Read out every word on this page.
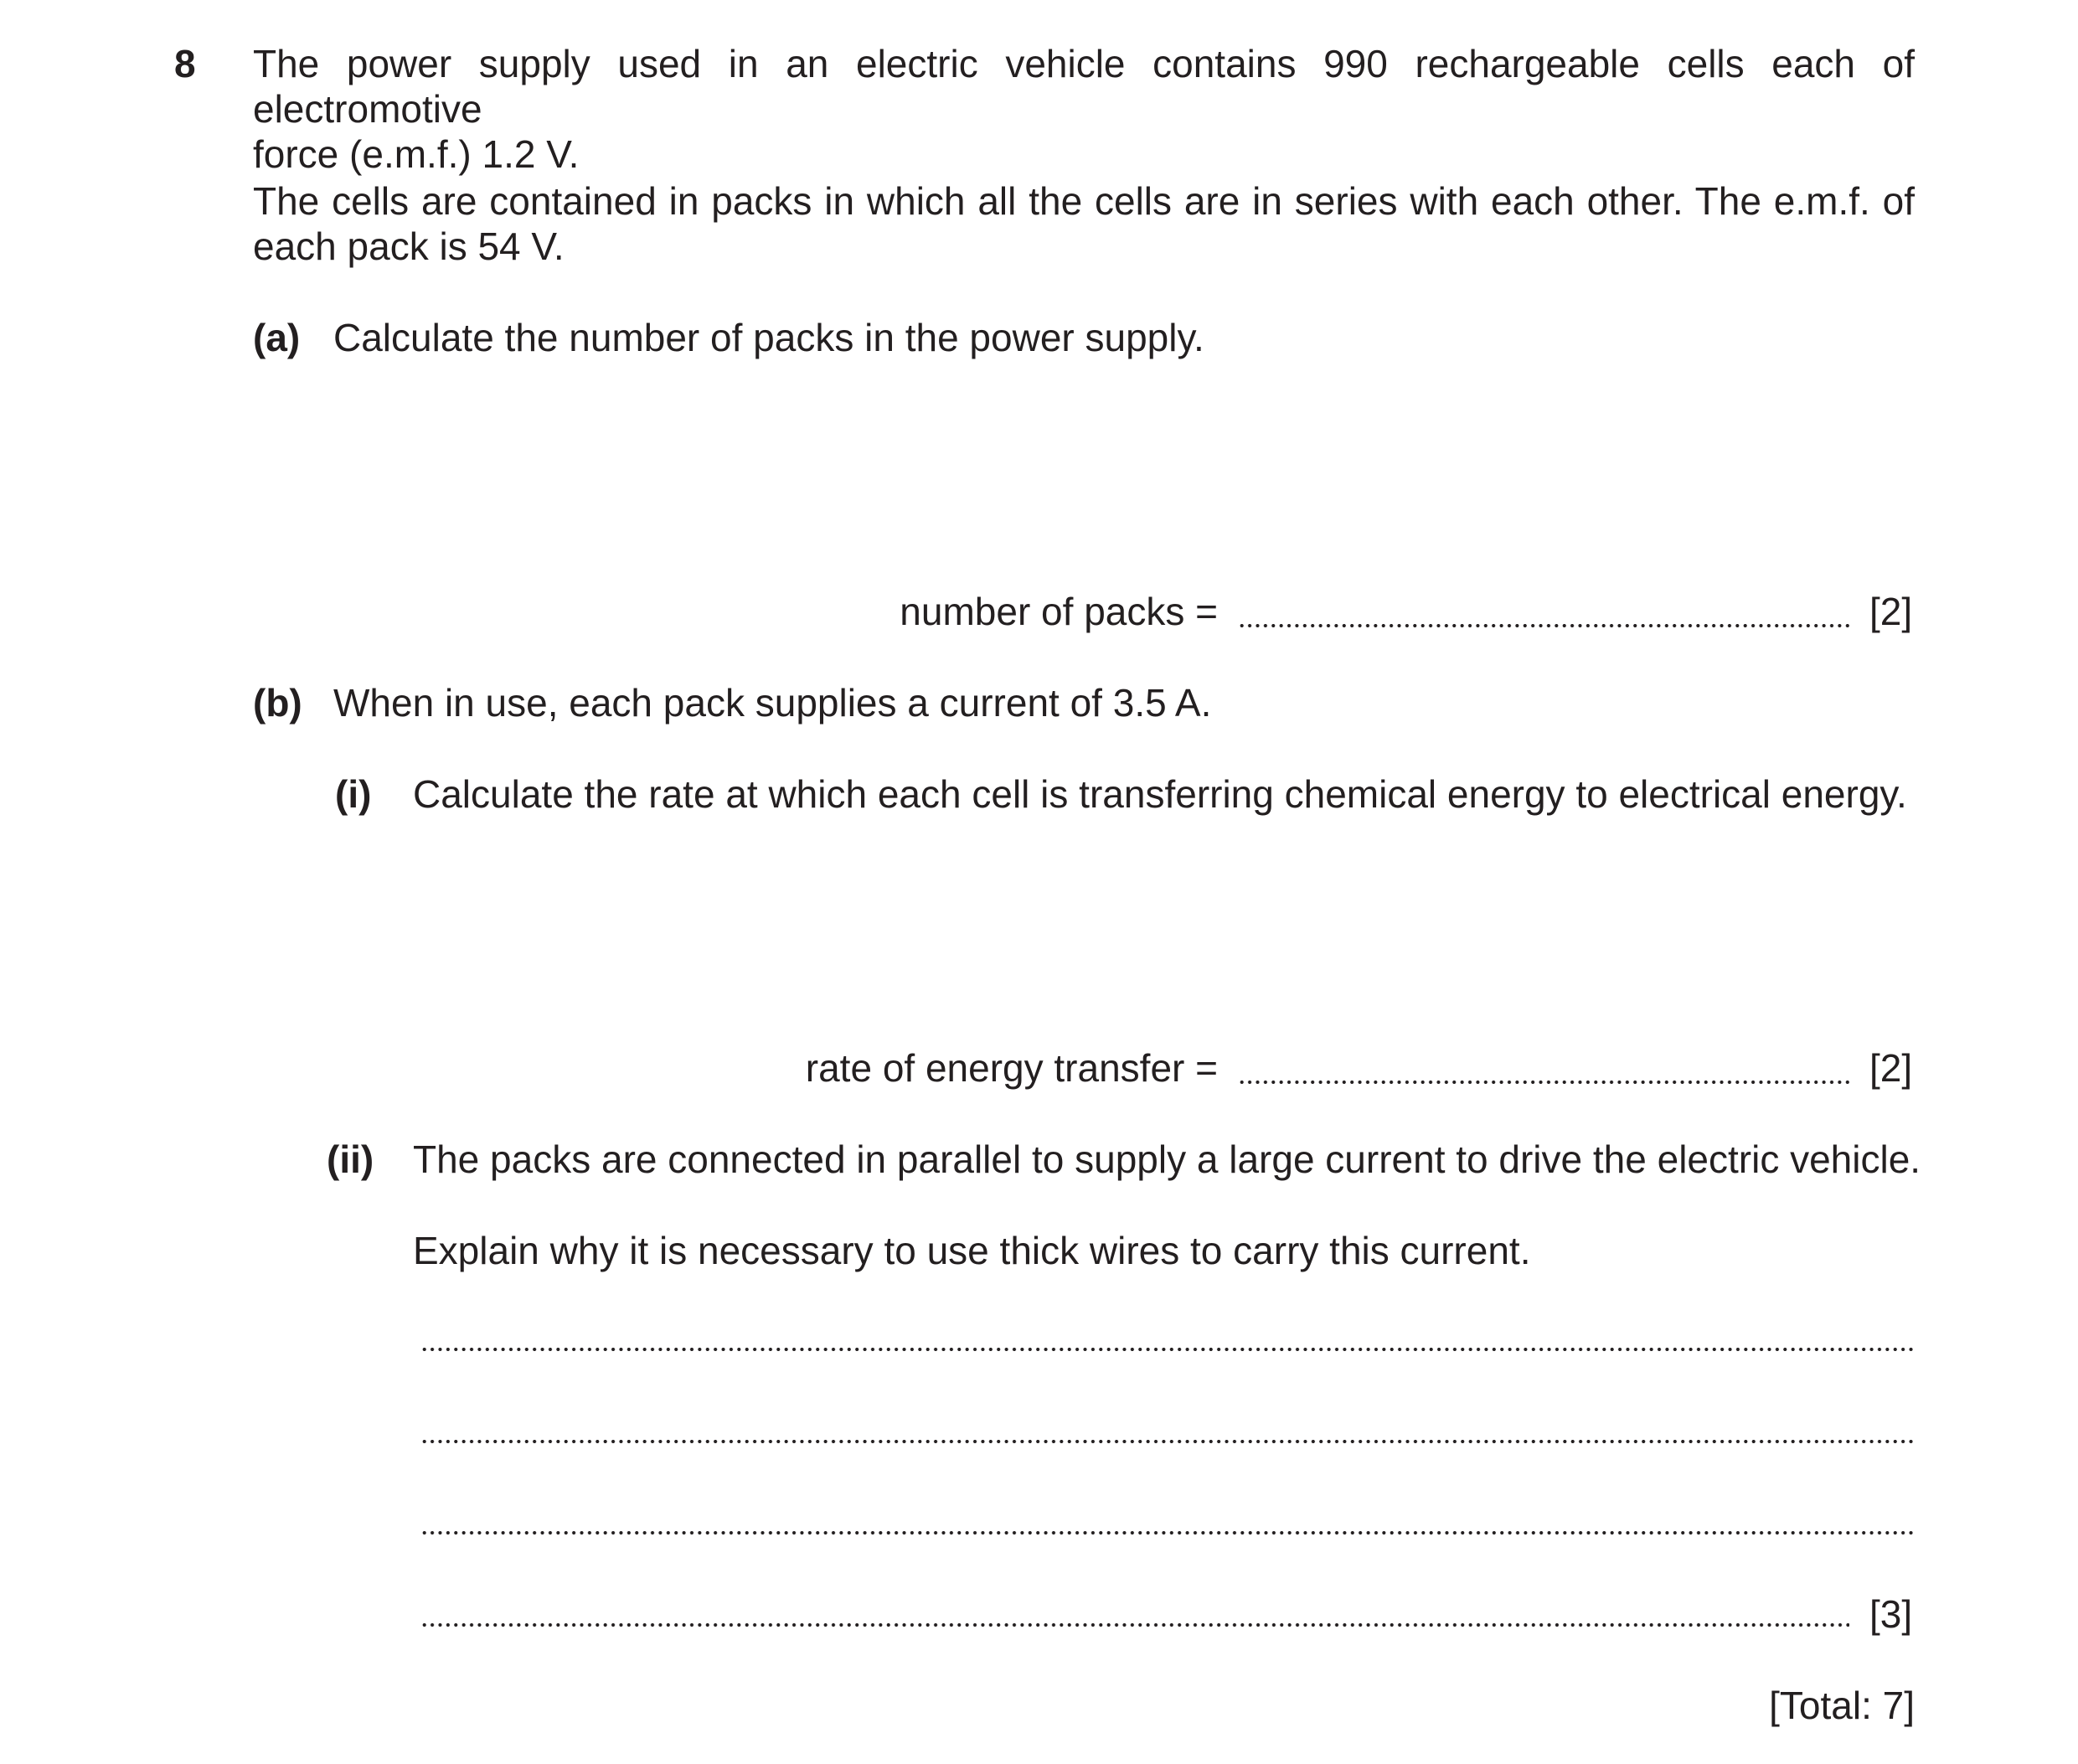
8 The power supply used in an electric vehicle contains 990 rechargeable cells each of electromotive
force (e.m.f.) 1.2 V.
The cells are contained in packs in which all the cells are in series with each other. The e.m.f. of
each pack is 54 V.
(a) Calculate the number of packs in the power supply.
number of packs =	[2]
(b) When in use, each pack supplies a current of 3.5 A.
(i) Calculate the rate at which each cell is transferring chemical energy to electrical energy.
rate of energy transfer =	[2]
(ii) The packs are connected in parallel to supply a large current to drive the electric vehicle.
Explain why it is necessary to use thick wires to carry this current.
[3]
[Total: 7]
